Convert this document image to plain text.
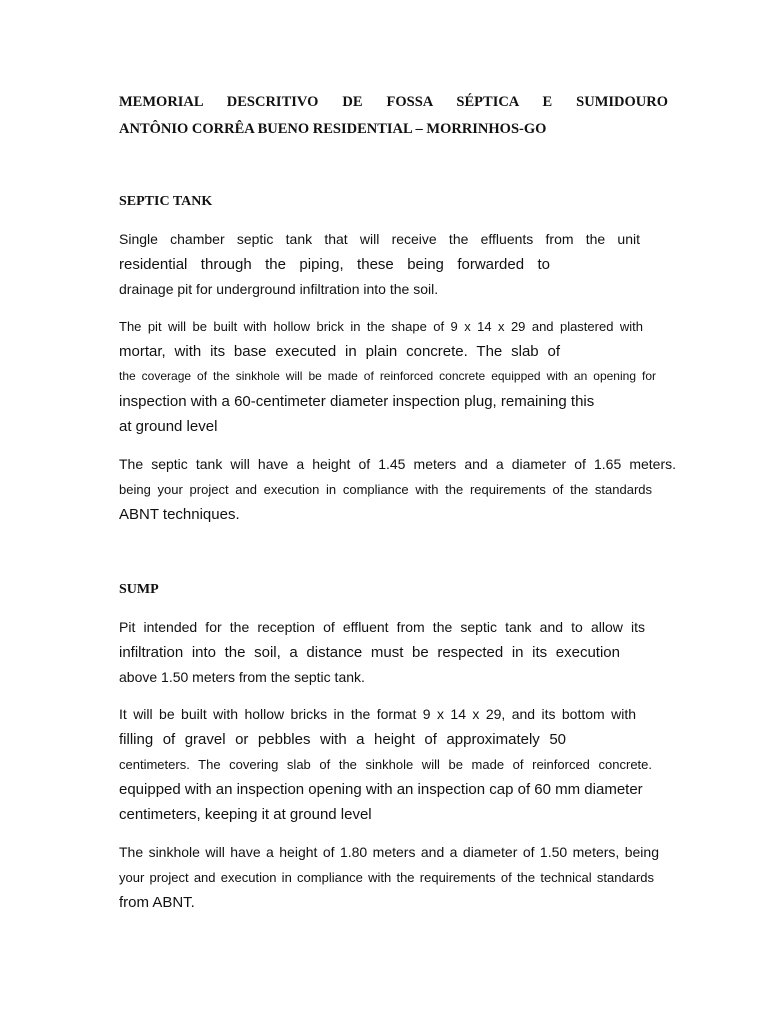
MEMORIAL DESCRITIVO DE FOSSA SÉPTICA E SUMIDOURO
ANTÔNIO CORRÊA BUENO RESIDENTIAL – MORRINHOS-GO
SEPTIC TANK

Single chamber septic tank that will receive the effluents from the unit
residential through the piping, these being forwarded to
drainage pit for underground infiltration into the soil.

The pit will be built with hollow brick in the shape of 9 x 14 x 29 and plastered with
mortar, with its base executed in plain concrete. The slab of
the coverage of the sinkhole will be made of reinforced concrete equipped with an opening for
inspection with a 60-centimeter diameter inspection plug, remaining this
at ground level

The septic tank will have a height of 1.45 meters and a diameter of 1.65 meters.
being your project and execution in compliance with the requirements of the standards
ABNT techniques.

SUMP

Pit intended for the reception of effluent from the septic tank and to allow its
infiltration into the soil, a distance must be respected in its execution
above 1.50 meters from the septic tank.

It will be built with hollow bricks in the format 9 x 14 x 29, and its bottom with
filling of gravel or pebbles with a height of approximately 50
centimeters. The covering slab of the sinkhole will be made of reinforced concrete.
equipped with an inspection opening with an inspection cap of 60 mm diameter
centimeters, keeping it at ground level

The sinkhole will have a height of 1.80 meters and a diameter of 1.50 meters, being
your project and execution in compliance with the requirements of the technical standards
from ABNT.
